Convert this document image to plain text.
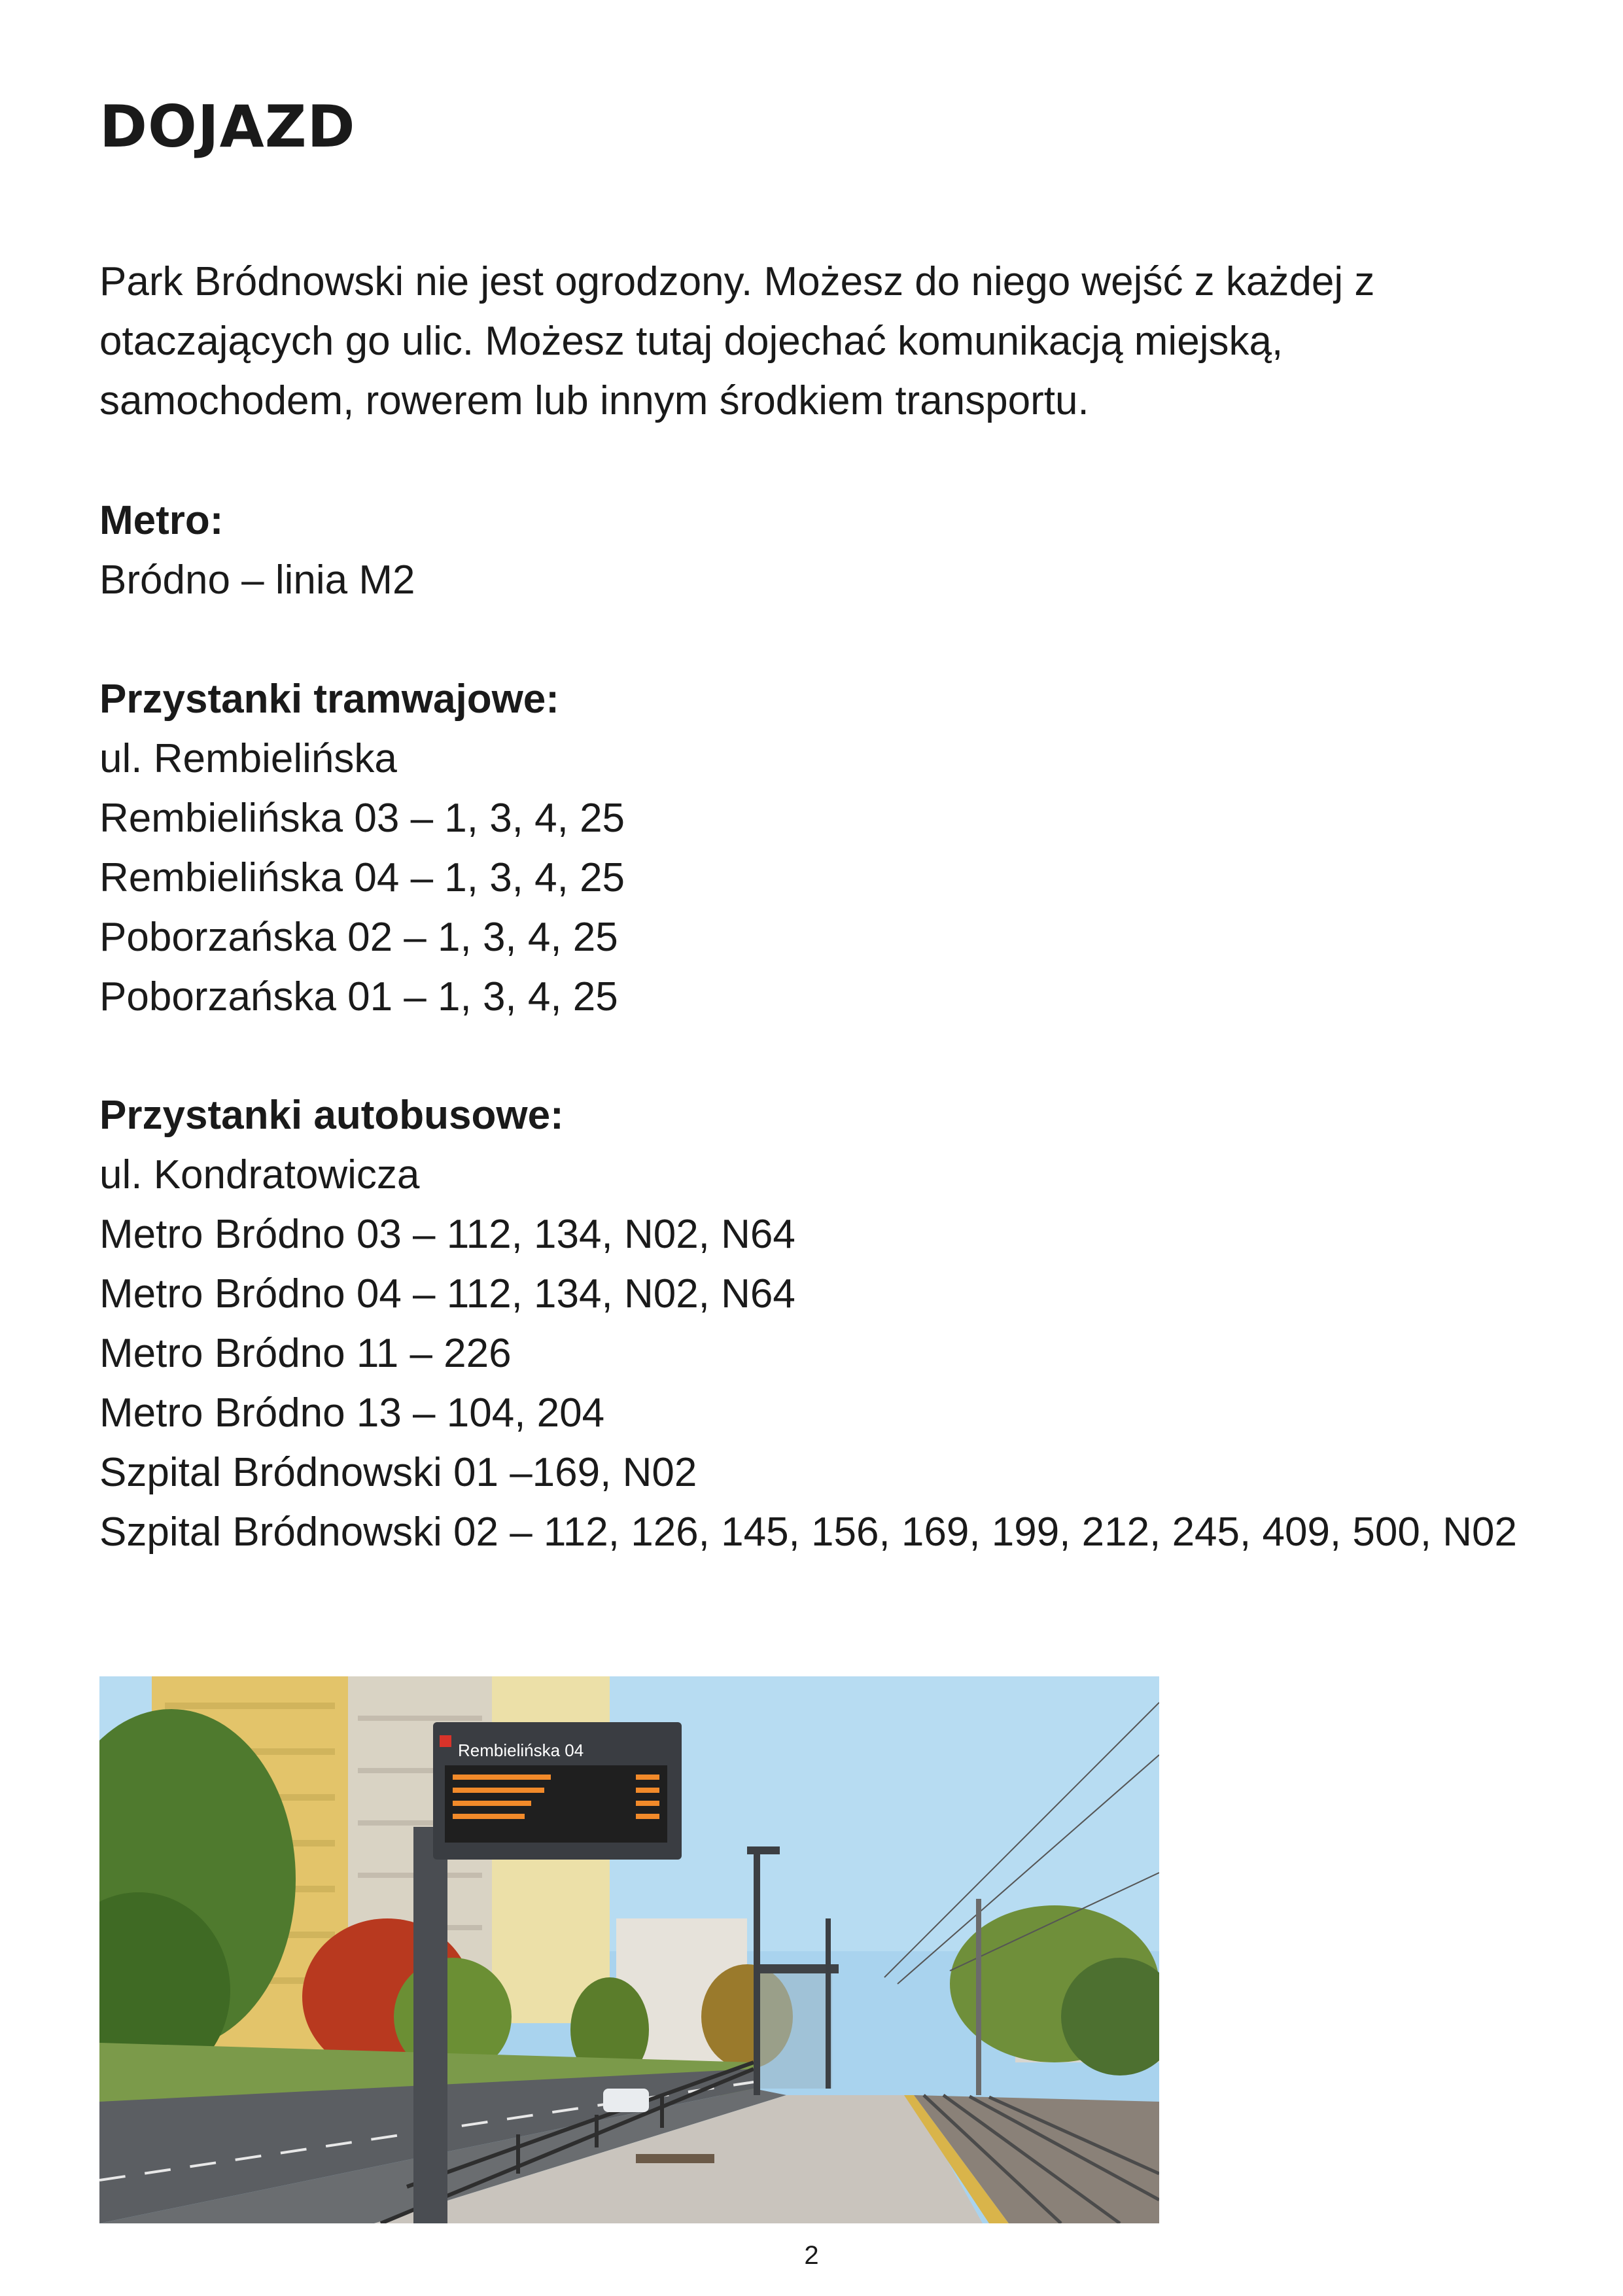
DOJAZD

Park Bródnowski nie jest ogrodzony. Możesz do niego wejść z każdej z otaczających go ulic. Możesz tutaj dojechać komunikacją miejską, samochodem, rowerem lub innym środkiem transportu.

Metro:
Bródno – linia M2
Przystanki tramwajowe:
ul. Rembielińska
Rembielińska 03 – 1, 3, 4, 25
Rembielińska 04 – 1, 3, 4, 25
Poborzańska 02 – 1, 3, 4, 25
Poborzańska 01 – 1, 3, 4, 25
Przystanki autobusowe:
ul. Kondratowicza
Metro Bródno 03 – 112, 134, N02, N64
Metro Bródno 04 – 112, 134, N02, N64
Metro Bródno 11 – 226
Metro Bródno 13 – 104, 204
Szpital Bródnowski 01 –169, N02
Szpital Bródnowski 02 – 112, 126, 145, 156, 169, 199, 212, 245, 409, 500, N02
Rembielińska 04
2
